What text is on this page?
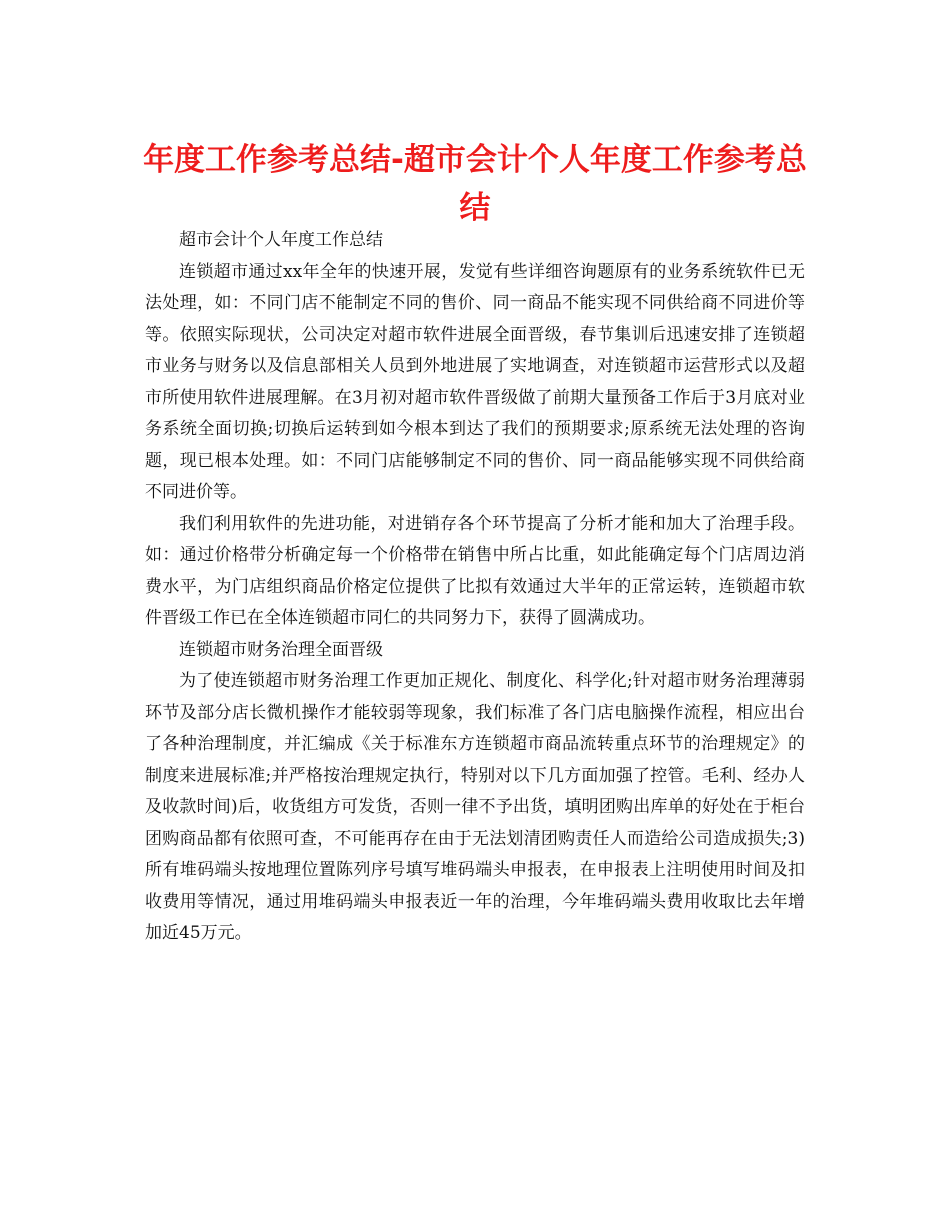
年度工作参考总结-超市会计个人年度工作参考总结

超市会计个人年度工作总结

连锁超市通过xx年全年的快速开展，发觉有些详细咨询题原有的业务系统软件已无法处理，如：不同门店不能制定不同的售价、同一商品不能实现不同供给商不同进价等等。依照实际现状，公司决定对超市软件进展全面晋级，春节集训后迅速安排了连锁超市业务与财务以及信息部相关人员到外地进展了实地调查，对连锁超市运营形式以及超市所使用软件进展理解。在3月初对超市软件晋级做了前期大量预备工作后于3月底对业务系统全面切换;切换后运转到如今根本到达了我们的预期要求;原系统无法处理的咨询题，现已根本处理。如：不同门店能够制定不同的售价、同一商品能够实现不同供给商不同进价等。

我们利用软件的先进功能，对进销存各个环节提高了分析才能和加大了治理手段。如：通过价格带分析确定每一个价格带在销售中所占比重，如此能确定每个门店周边消费水平，为门店组织商品价格定位提供了比拟有效通过大半年的正常运转，连锁超市软件晋级工作已在全体连锁超市同仁的共同努力下，获得了圆满成功。

连锁超市财务治理全面晋级

为了使连锁超市财务治理工作更加正规化、制度化、科学化;针对超市财务治理薄弱环节及部分店长微机操作才能较弱等现象，我们标准了各门店电脑操作流程，相应出台了各种治理制度，并汇编成《关于标准东方连锁超市商品流转重点环节的治理规定》的制度来进展标准;并严格按治理规定执行，特别对以下几方面加强了控管。毛利、经办人及收款时间)后，收货组方可发货，否则一律不予出货，填明团购出库单的好处在于柜台团购商品都有依照可查，不可能再存在由于无法划清团购责任人而造给公司造成损失;3)所有堆码端头按地理位置陈列序号填写堆码端头申报表，在申报表上注明使用时间及扣收费用等情况，通过用堆码端头申报表近一年的治理，今年堆码端头费用收取比去年增加近45万元。
